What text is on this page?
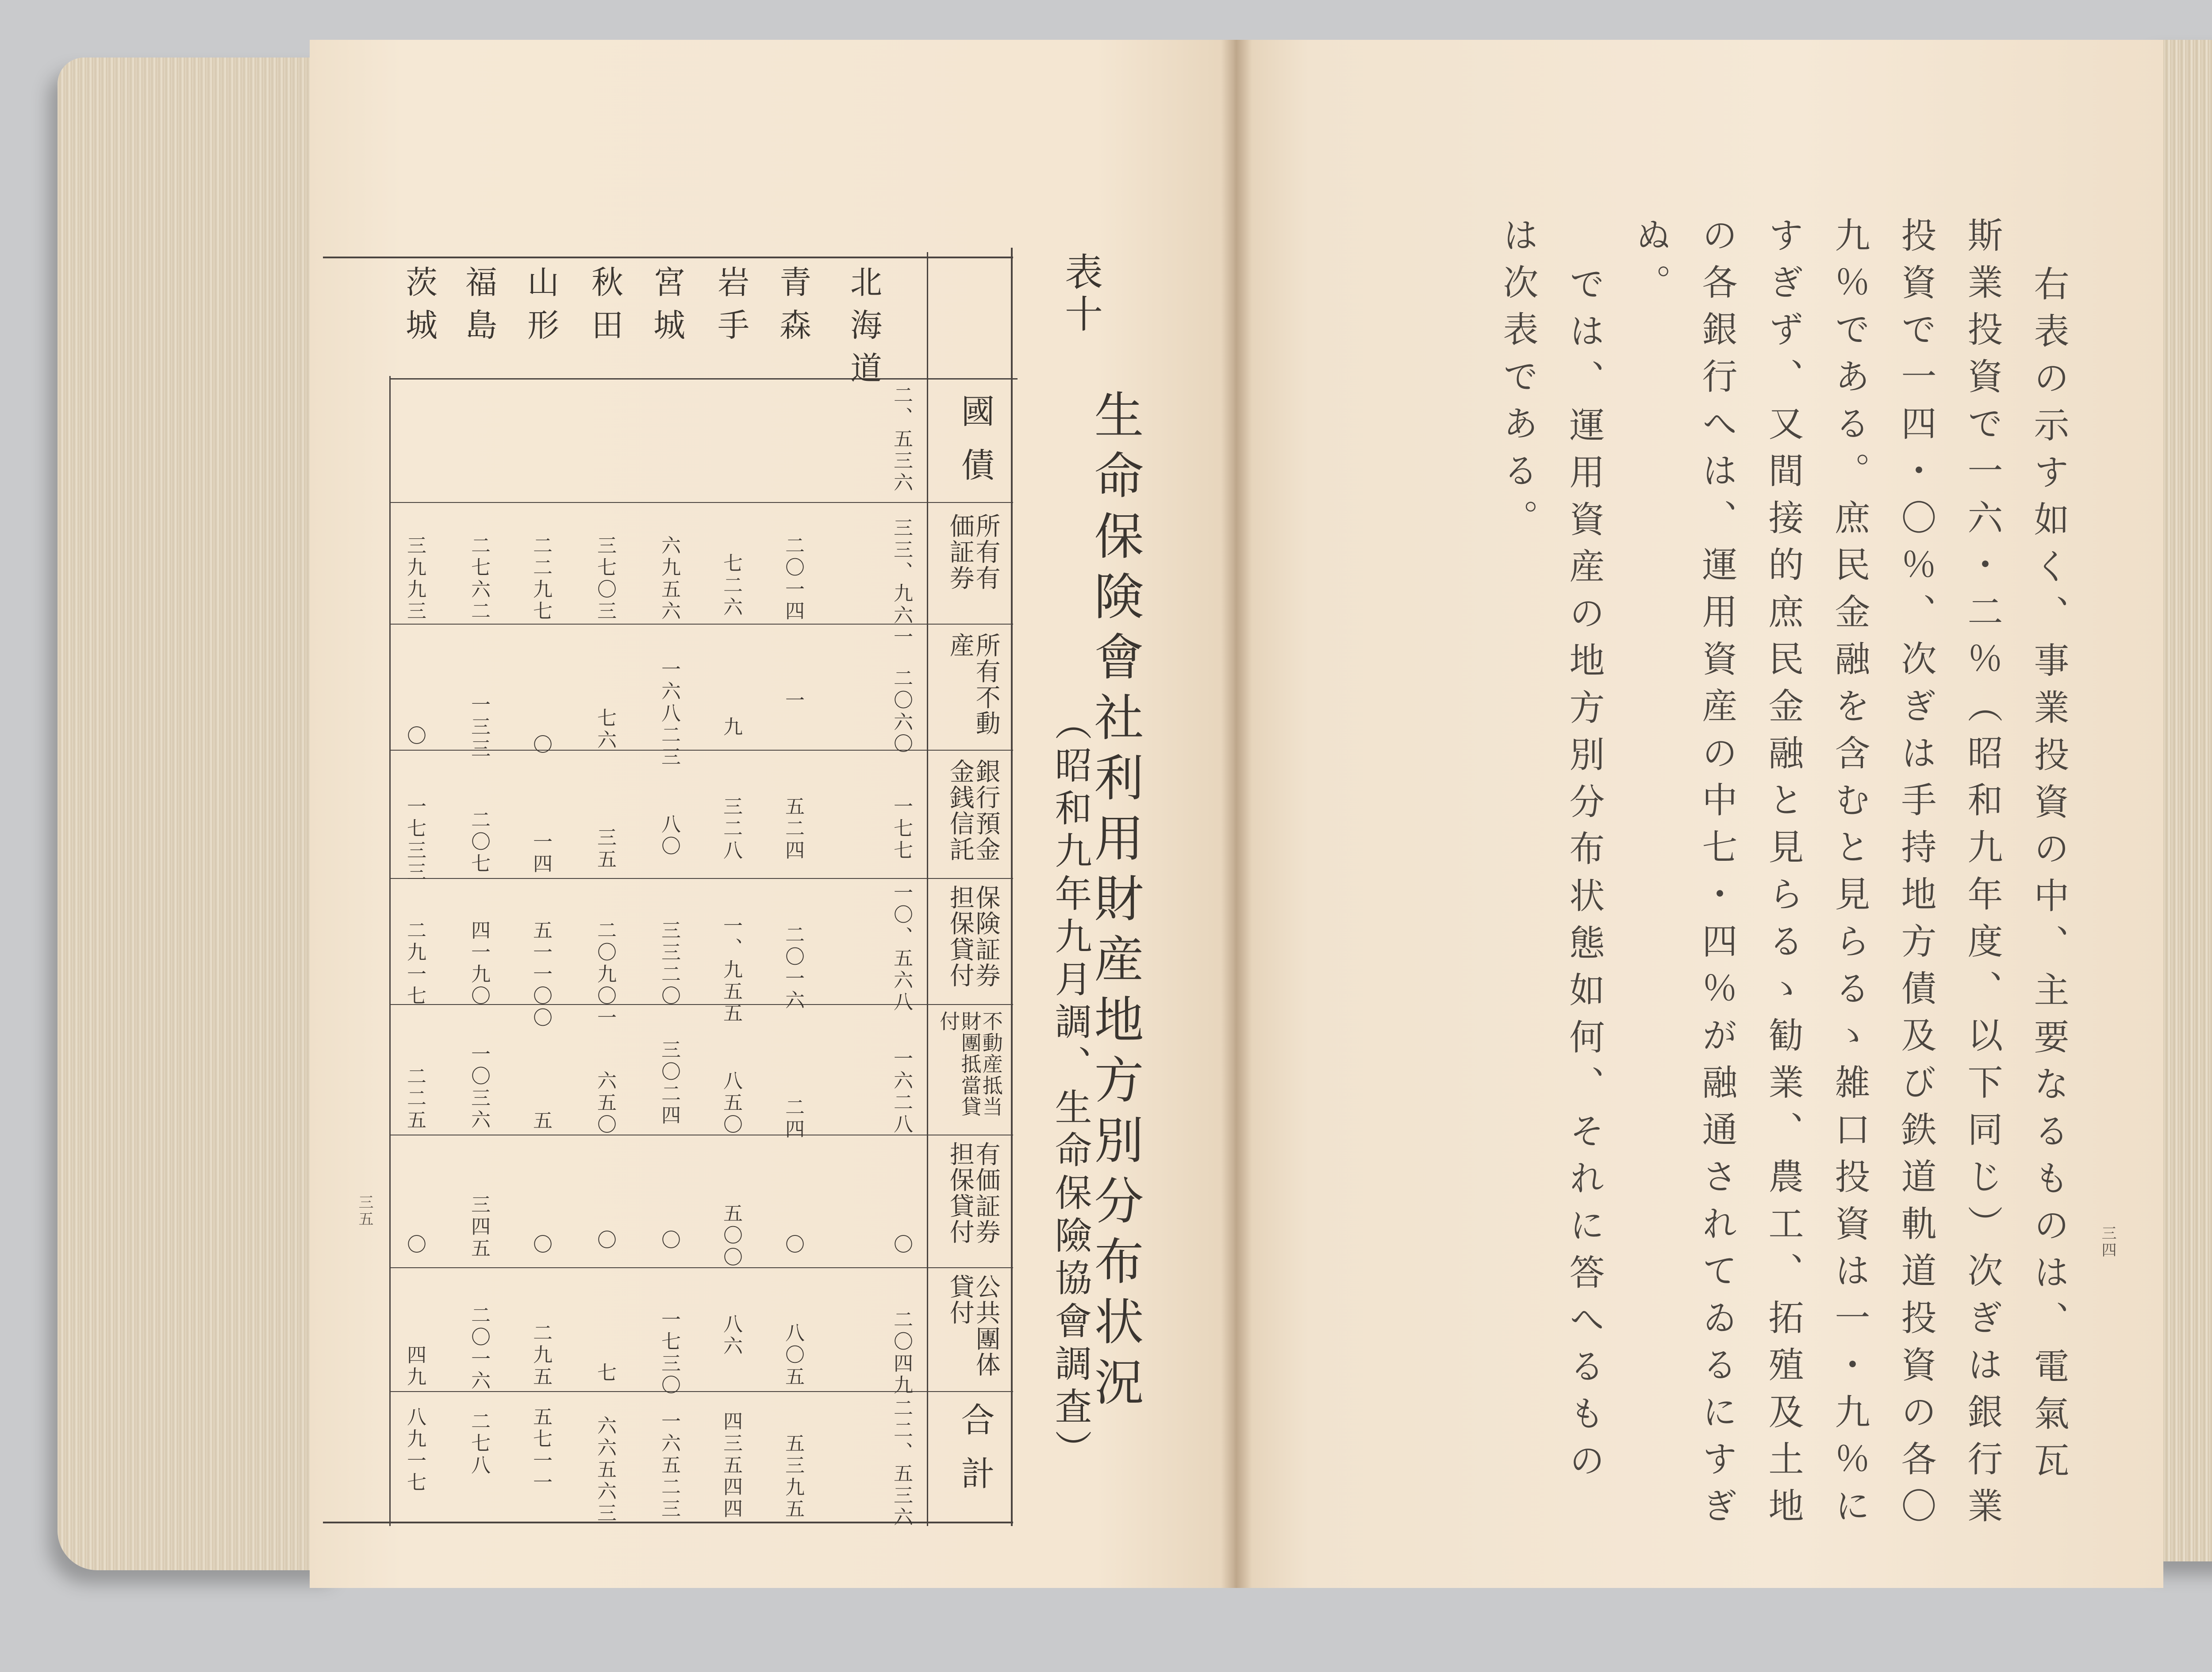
國債
所有有価証券
所有不動産
銀行預金金銭信託
保険証券担保貸付
不動産抵当財團抵當貸付
有価証券担保貸付
公共團体貸付
合計
北海道
青森
岩手
宮城
秋田
山形
福島
茨城
二、五三六
三三、九六一
二〇六〇
一七七
一〇、五六八
一六二八
〇
二〇四九
二二、五三六
二〇一四
一
五二四
二〇一六
二四
〇
八〇五
五三九五
七二六
九
三二八
一、九五五
八五〇
五〇〇
八六
四三五四四
六九五六
一六八二三
八〇
三三二〇
三〇二四
〇
一七三〇
一六五二三
三七〇三
七六
三五
二〇九〇一
六五〇
〇
七
六六五六三
二二九七
〇
一四
五一一〇〇
五
〇
二九五
五七一一
二七六二
一三三
二〇七
四一九〇
一〇三六
三四五
二〇一六
二七八
三九九三
〇
一七三三
二九一七
二二五
〇
四九
八九一七
表十
生命保険會社利用財産地方別分布状況
（昭和九年九月調、生命保險協會調査）
三五	右表の示す如く、事業投資の中、主要なるものは、電氣瓦
斯業投資で一六・二％（昭和九年度、以下同じ）次ぎは銀行業
投資で一四・〇％、次ぎは手持地方債及び鉄道軌道投資の各〇
九％である。庶民金融を含むと見らるゝ雑口投資は一・九％に
すぎず、又間接的庶民金融と見らるゝ勧業、農工、拓殖及土地
の各銀行へは、運用資産の中七・四％が融通されてゐるにすぎ
ぬ。
では、運用資産の地方別分布状態如何、それに答へるもの
は次表である。
三四
